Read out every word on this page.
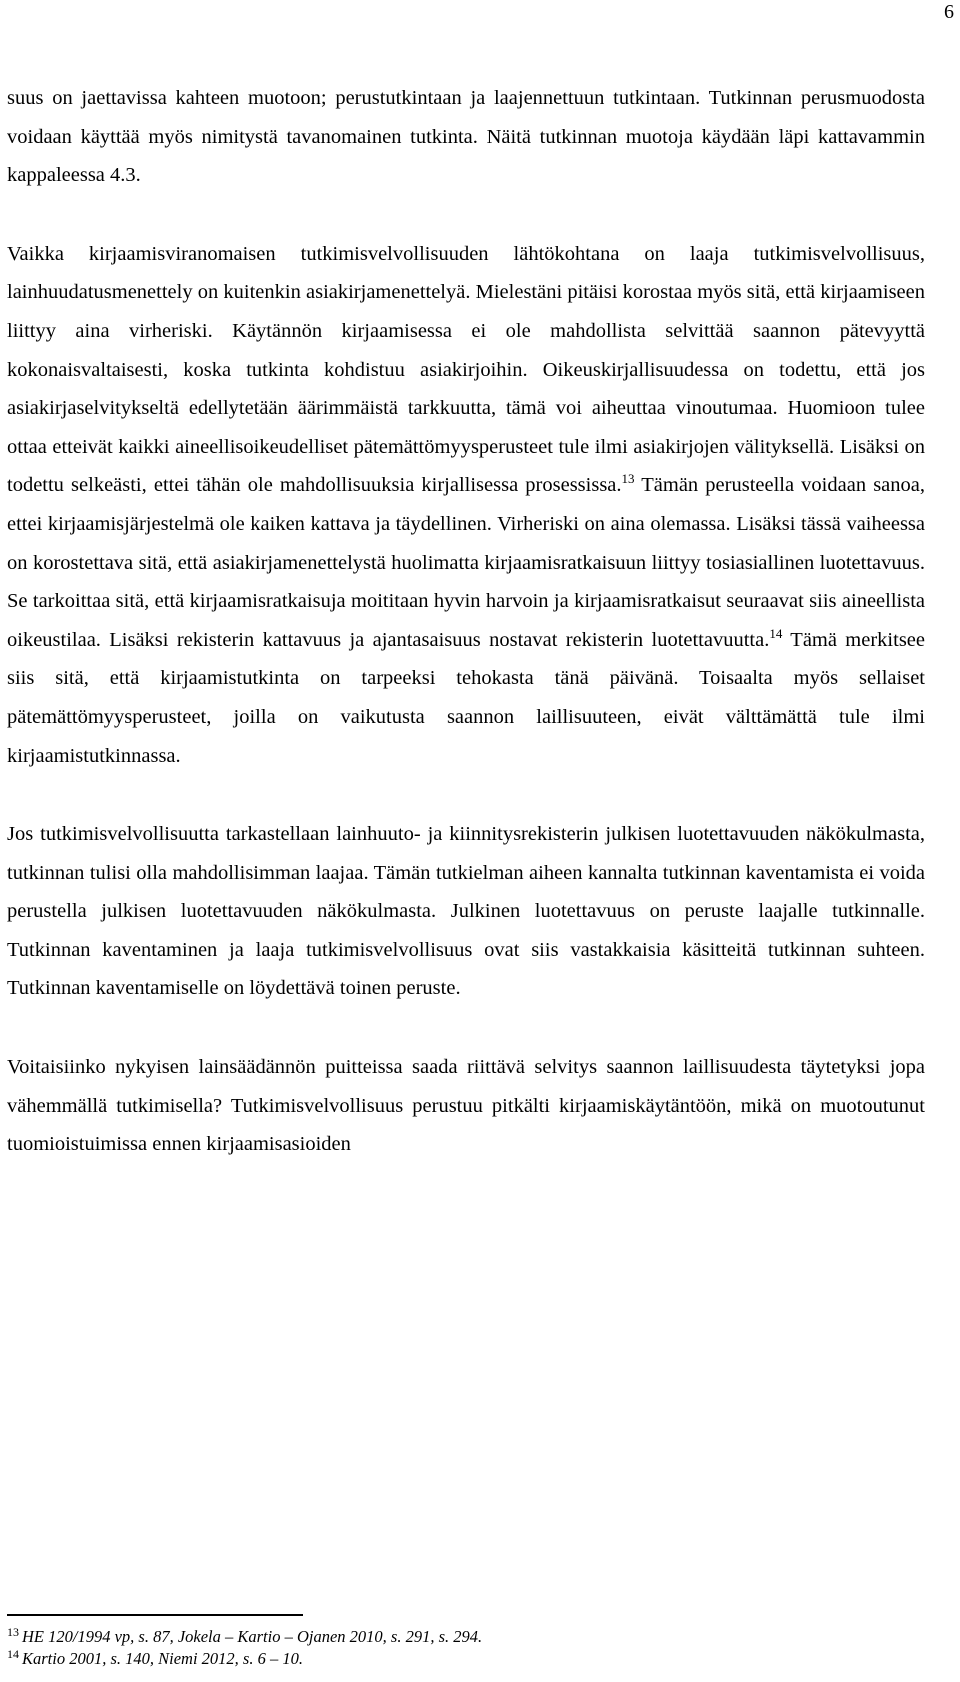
6

suus on jaettavissa kahteen muotoon; perustutkintaan ja laajennettuun tutkintaan. Tutkinnan perusmuodosta voidaan käyttää myös nimitystä tavanomainen tutkinta. Näitä tutkinnan muotoja käydään läpi kattavammin kappaleessa 4.3.

Vaikka kirjaamisviranomaisen tutkimisvelvollisuuden lähtökohtana on laaja tutkimisvelvollisuus, lainhuudatusmenettely on kuitenkin asiakirjamenettelyä. Mielestäni pitäisi korostaa myös sitä, että kirjaamiseen liittyy aina virheriski. Käytännön kirjaamisessa ei ole mahdollista selvittää saannon pätevyyttä kokonaisvaltaisesti, koska tutkinta kohdistuu asiakirjoihin. Oikeuskirjallisuudessa on todettu, että jos asiakirjaselvitykseltä edellytetään äärimmäistä tarkkuutta, tämä voi aiheuttaa vinoutumaa. Huomioon tulee ottaa etteivät kaikki aineellisoikeudelliset pätemättömyysperusteet tule ilmi asiakirjojen välityksellä. Lisäksi on todettu selkeästi, ettei tähän ole mahdollisuuksia kirjallisessa prosessissa.$^{13}$ Tämän perusteella voidaan sanoa, ettei kirjaamisjärjestelmä ole kaiken kattava ja täydellinen. Virheriski on aina olemassa. Lisäksi tässä vaiheessa on korostettava sitä, että asiakirjamenettelystä huolimatta kirjaamisratkaisuun liittyy tosiasiallinen luotettavuus. Se tarkoittaa sitä, että kirjaamisratkaisuja moititaan hyvin harvoin ja kirjaamisratkaisut seuraavat siis aineellista oikeustilaa. Lisäksi rekisterin kattavuus ja ajantasaisuus nostavat rekisterin luotettavuutta.$^{14}$ Tämä merkitsee siis sitä, että kirjaamistutkinta on tarpeeksi tehokasta tänä päivänä. Toisaalta myös sellaiset pätemättömyysperusteet, joilla on vaikutusta saannon laillisuuteen, eivät välttämättä tule ilmi kirjaamistutkinnassa.

Jos tutkimisvelvollisuutta tarkastellaan lainhuuto- ja kiinnitysrekisterin julkisen luotettavuuden näkökulmasta, tutkinnan tulisi olla mahdollisimman laajaa. Tämän tutkielman aiheen kannalta tutkinnan kaventamista ei voida perustella julkisen luotettavuuden näkökulmasta. Julkinen luotettavuus on peruste laajalle tutkinnalle. Tutkinnan kaventaminen ja laaja tutkimisvelvollisuus ovat siis vastakkaisia käsitteitä tutkinnan suhteen. Tutkinnan kaventamiselle on löydettävä toinen peruste.

Voitaisiinko nykyisen lainsäädännön puitteissa saada riittävä selvitys saannon laillisuudesta täytetyksi jopa vähemmällä tutkimisella? Tutkimisvelvollisuus perustuu pitkälti kirjaamiskäytäntöön, mikä on muotoutunut tuomioistuimissa ennen kirjaamisasioiden

$^{13}$ HE 120/1994 vp, s. 87, Jokela – Kartio – Ojanen 2010, s. 291, s. 294.
$^{14}$ Kartio 2001, s. 140, Niemi 2012, s. 6 – 10.
